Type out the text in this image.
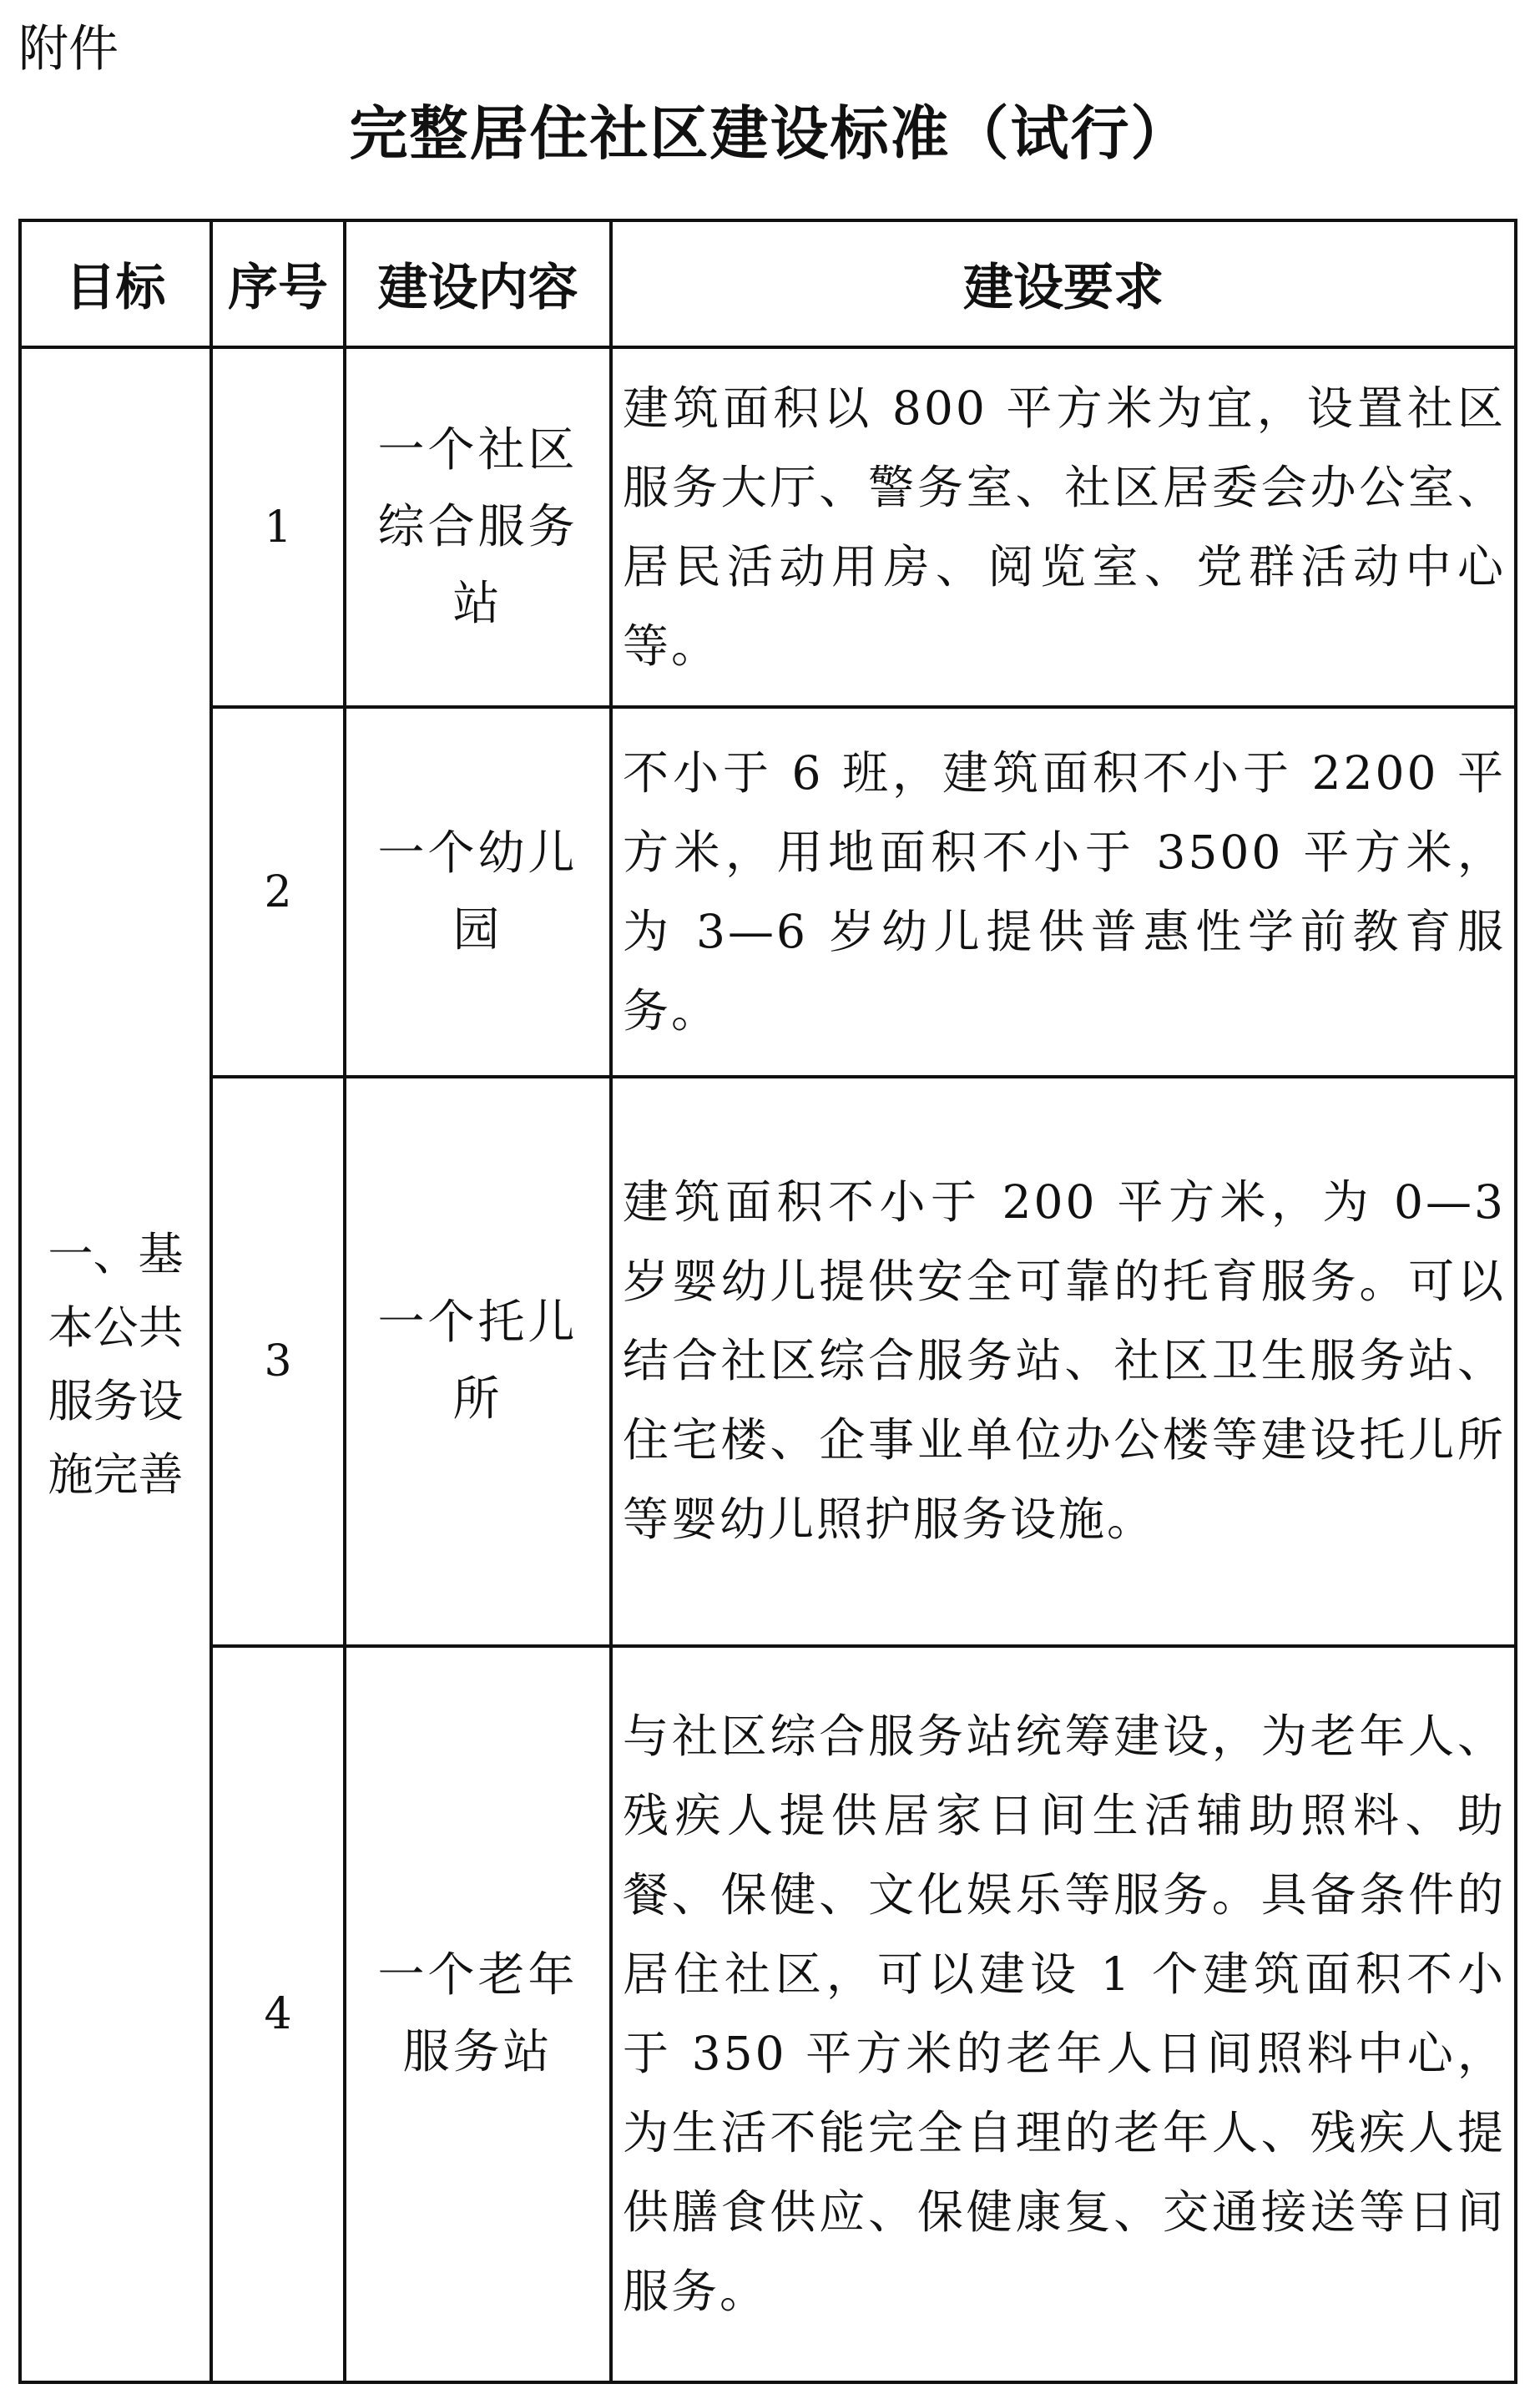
附件
完整居住社区建设标准（试行）
目标	序号	建设内容	建设要求
一、基本公共服务设施完善	1	一个社区综合服务站	建筑面积以 800 平方米为宜，设置社区服务大厅、警务室、社区居委会办公室、居民活动用房、阅览室、党群活动中心等。
	2	一个幼儿园	不小于 6 班，建筑面积不小于 2200 平方米，用地面积不小于 3500 平方米，为 3—6 岁幼儿提供普惠性学前教育服务。
	3	一个托儿所	建筑面积不小于 200 平方米，为 0—3 岁婴幼儿提供安全可靠的托育服务。可以结合社区综合服务站、社区卫生服务站、住宅楼、企事业单位办公楼等建设托儿所等婴幼儿照护服务设施。
	4	一个老年服务站	与社区综合服务站统筹建设，为老年人、残疾人提供居家日间生活辅助照料、助餐、保健、文化娱乐等服务。具备条件的居住社区，可以建设 1 个建筑面积不小于 350 平方米的老年人日间照料中心，为生活不能完全自理的老年人、残疾人提供膳食供应、保健康复、交通接送等日间服务。
